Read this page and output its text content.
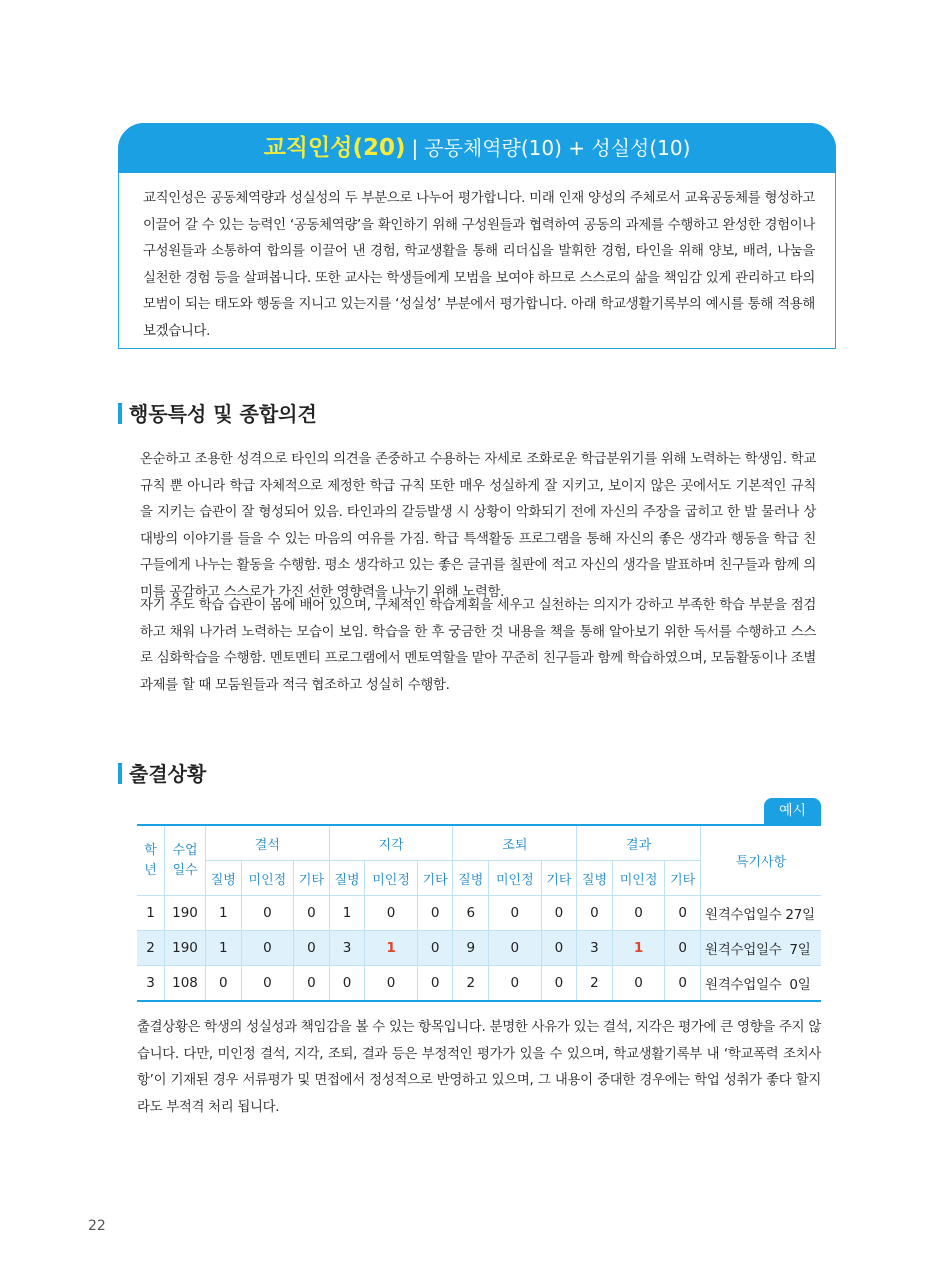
교직인성(20) | 공동체역량(10) + 성실성(10)
교직인성은 공동체역량과 성실성의 두 부분으로 나누어 평가합니다. 미래 인재 양성의 주체로서 교육공동체를 형성하고 이끌어 갈 수 있는 능력인 ‘공동체역량’을 확인하기 위해 구성원들과 협력하여 공동의 과제를 수행하고 완성한 경험이나 구성원들과 소통하여 합의를 이끌어 낸 경험, 학교생활을 통해 리더십을 발휘한 경험, 타인을 위해 양보, 배려, 나눔을 실천한 경험 등을 살펴봅니다. 또한 교사는 학생들에게 모범을 보여야 하므로 스스로의 삶을 책임감 있게 관리하고 타의 모범이 되는 태도와 행동을 지니고 있는지를 ‘성실성’ 부분에서 평가합니다. 아래 학교생활기록부의 예시를 통해 적용해보겠습니다.
행동특성 및 종합의견
온순하고 조용한 성격으로 타인의 의견을 존중하고 수용하는 자세로 조화로운 학급분위기를 위해 노력하는 학생임. 학교규칙 뿐 아니라 학급 자체적으로 제정한 학급 규칙 또한 매우 성실하게 잘 지키고, 보이지 않은 곳에서도 기본적인 규칙을 지키는 습관이 잘 형성되어 있음. 타인과의 갈등발생 시 상황이 악화되기 전에 자신의 주장을 굽히고 한 발 물러나 상대방의 이야기를 들을 수 있는 마음의 여유를 가짐. 학급 특색활동 프로그램을 통해 자신의 좋은 생각과 행동을 학급 친구들에게 나누는 활동을 수행함. 평소 생각하고 있는 좋은 글귀를 칠판에 적고 자신의 생각을 발표하며 친구들과 함께 의미를 공감하고 스스로가 가진 선한 영향력을 나누기 위해 노력함.
자기 주도 학습 습관이 몸에 배어 있으며, 구체적인 학습계획을 세우고 실천하는 의지가 강하고 부족한 학습 부분을 점검하고 채워 나가려 노력하는 모습이 보임. 학습을 한 후 궁금한 것 내용을 책을 통해 알아보기 위한 독서를 수행하고 스스로 심화학습을 수행함. 멘토멘티 프로그램에서 멘토역할을 맡아 꾸준히 친구들과 함께 학습하였으며, 모둠활동이나 조별과제를 할 때 모둠원들과 적극 협조하고 성실히 수행함.
출결상황
예시
학
년	수업
일수	결석			지각			조퇴			결과			특기사항
		질병	미인정	기타	질병	미인정	기타	질병	미인정	기타	질병	미인정	기타	
1	190	1	0	0	1	0	0	6	0	0	0	0	0	원격수업일수 27일
2	190	1	0	0	3	1	0	9	0	0	3	1	0	원격수업일수  7일
3	108	0	0	0	0	0	0	2	0	0	2	0	0	원격수업일수  0일
출결상황은 학생의 성실성과 책임감을 볼 수 있는 항목입니다. 분명한 사유가 있는 결석, 지각은 평가에 큰 영향을 주지 않습니다. 다만, 미인정 결석, 지각, 조퇴, 결과 등은 부정적인 평가가 있을 수 있으며, 학교생활기록부 내 ‘학교폭력 조치사항’이 기재된 경우 서류평가 및 면접에서 정성적으로 반영하고 있으며, 그 내용이 중대한 경우에는 학업 성취가 좋다 할지라도 부적격 처리 됩니다.
22
